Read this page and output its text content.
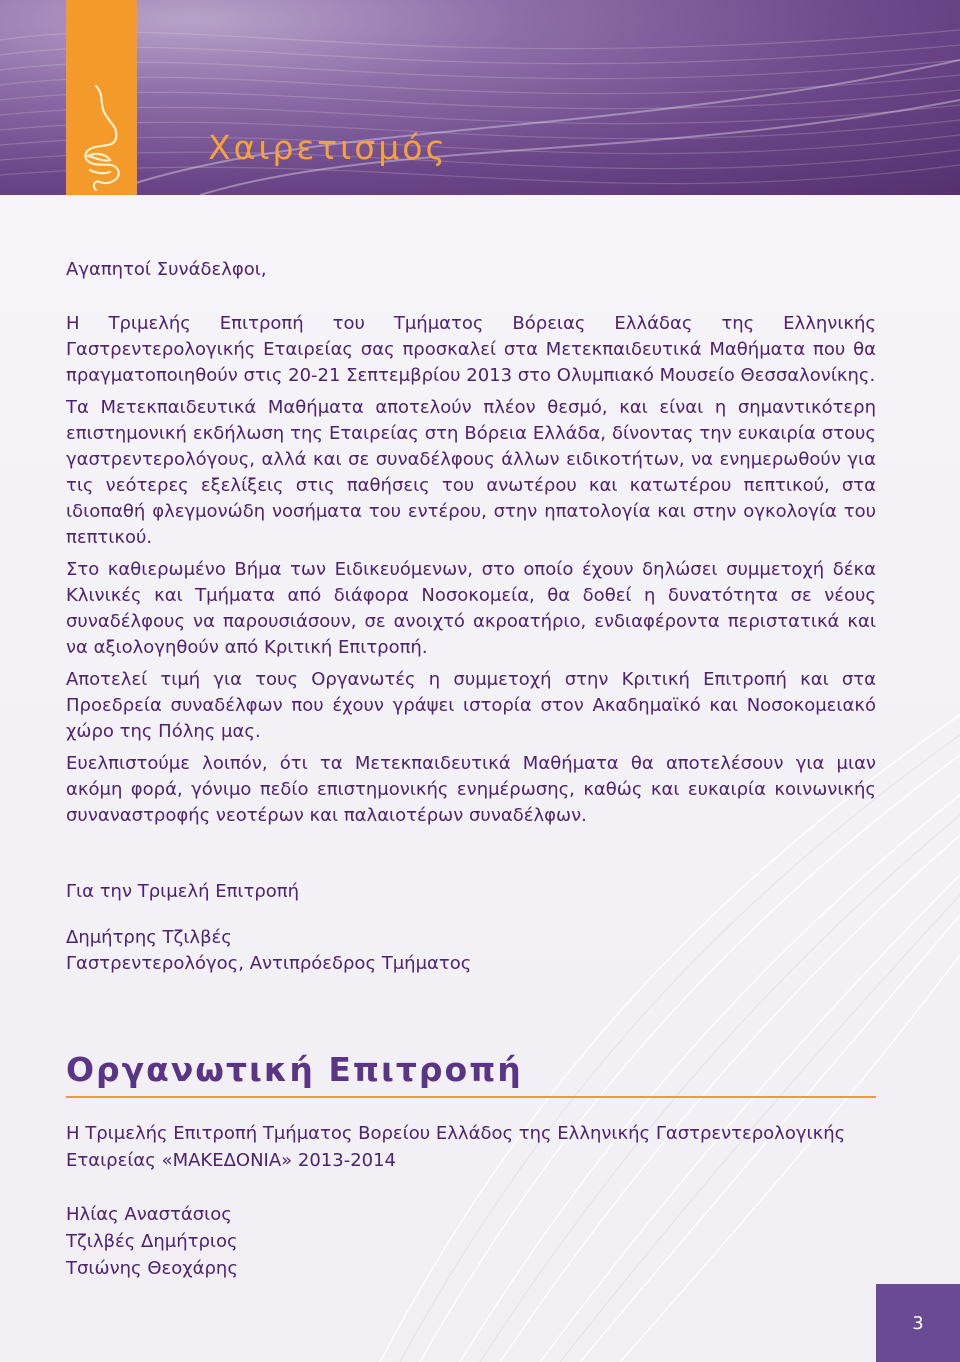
Χαιρετισμός

Αγαπητοί Συνάδελφοι,

Η Τριμελής Επιτροπή του Τμήματος Βόρειας Ελλάδας της Ελληνικής Γαστρεντερολογικής Εταιρείας σας προσκαλεί στα Μετεκπαιδευτικά Μαθήματα που θα πραγματοποιηθούν στις 20-21 Σεπτεμβρίου 2013 στο Ολυμπιακό Μουσείο Θεσσαλονίκης.

Τα Μετεκπαιδευτικά Μαθήματα αποτελούν πλέον θεσμό, και είναι η σημαντικότερη επιστημονική εκδήλωση της Εταιρείας στη Βόρεια Ελλάδα, δίνοντας την ευκαιρία στους γαστρεντερολόγους, αλλά και σε συναδέλφους άλλων ειδικοτήτων, να ενημερωθούν για τις νεότερες εξελίξεις στις παθήσεις του ανωτέρου και κατωτέρου πεπτικού, στα ιδιοπαθή φλεγμονώδη νοσήματα του εντέρου, στην ηπατολογία και στην ογκολογία του πεπτικού.

Στο καθιερωμένο Βήμα των Ειδικευόμενων, στο οποίο έχουν δηλώσει συμμετοχή δέκα Κλινικές και Τμήματα από διάφορα Νοσοκομεία, θα δοθεί η δυνατότητα σε νέους συναδέλφους να παρουσιάσουν, σε ανοιχτό ακροατήριο, ενδιαφέροντα περιστατικά και να αξιολογηθούν από Κριτική Επιτροπή.

Αποτελεί τιμή για τους Οργανωτές η συμμετοχή στην Κριτική Επιτροπή και στα Προεδρεία συναδέλφων που έχουν γράψει ιστορία στον Ακαδημαϊκό και Νοσοκομειακό χώρο της Πόλης μας.

Ευελπιστούμε λοιπόν, ότι τα Μετεκπαιδευτικά Μαθήματα θα αποτελέσουν για μιαν ακόμη φορά, γόνιμο πεδίο επιστημονικής ενημέρωσης, καθώς και ευκαιρία κοινωνικής συναναστροφής νεοτέρων και παλαιοτέρων συναδέλφων.

Για την Τριμελή Επιτροπή

Δημήτρης Τζιλβές

Γαστρεντερολόγος, Αντιπρόεδρος Τμήματος

Οργανωτική Επιτροπή

Η Τριμελής Επιτροπή Τμήματος Βορείου Ελλάδος της Ελληνικής Γαστρεντερολογικής Εταιρείας «ΜΑΚΕΔΟΝΙΑ» 2013-2014

Ηλίας Αναστάσιος
Τζιλβές Δημήτριος
Τσιώνης Θεοχάρης
3
